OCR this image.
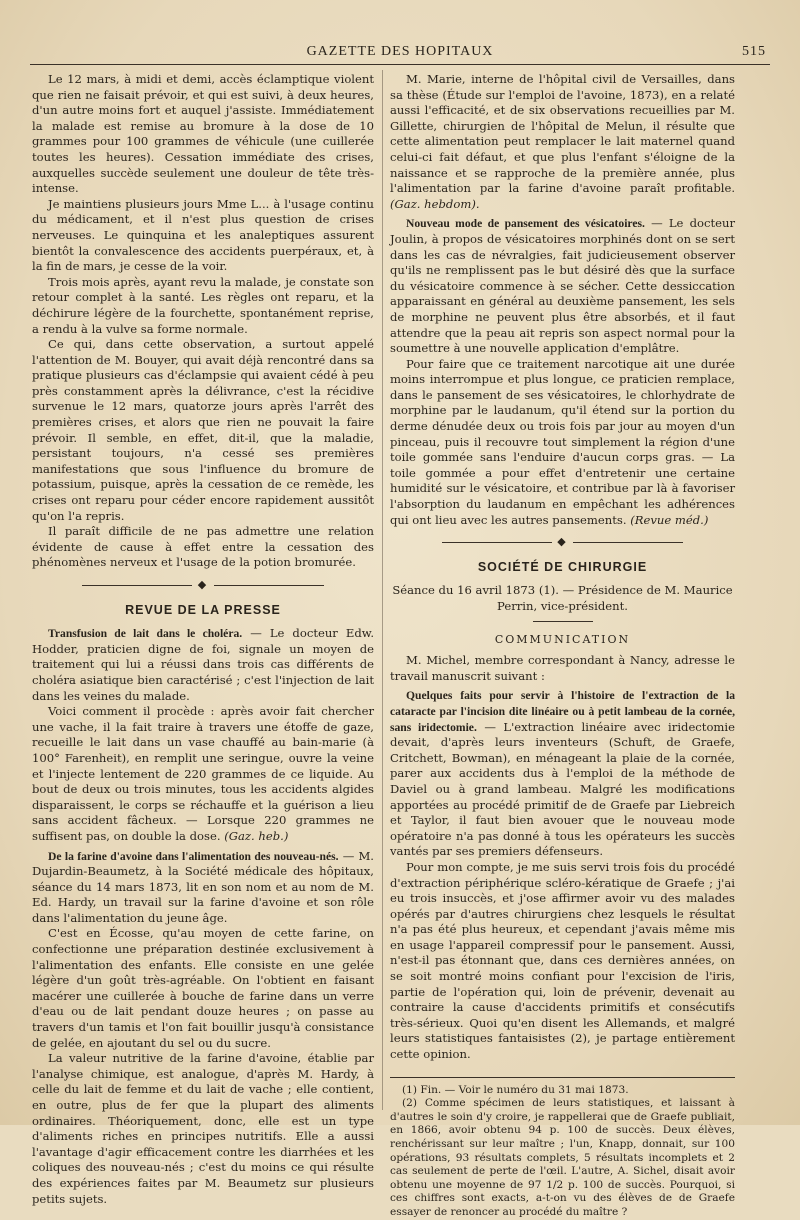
GAZETTE DES HOPITAUX	515

Le 12 mars, à midi et demi, accès éclamptique violent que rien ne faisait prévoir, et qui est suivi, à deux heures, d'un autre moins fort et auquel j'assiste. Immédiatement la malade est remise au bromure à la dose de 10 grammes pour 100 grammes de véhicule (une cuillerée toutes les heures). Cessation immédiate des crises, auxquelles succède seulement une douleur de tête très-intense.

Je maintiens plusieurs jours Mme L... à l'usage continu du médicament, et il n'est plus question de crises nerveuses. Le quinquina et les analeptiques assurent bientôt la convalescence des accidents puerpéraux, et, à la fin de mars, je cesse de la voir.

Trois mois après, ayant revu la malade, je constate son retour complet à la santé. Les règles ont reparu, et la déchirure légère de la fourchette, spontanément reprise, a rendu à la vulve sa forme normale.

Ce qui, dans cette observation, a surtout appelé l'attention de M. Bouyer, qui avait déjà rencontré dans sa pratique plusieurs cas d'éclampsie qui avaient cédé à peu près constamment après la délivrance, c'est la récidive survenue le 12 mars, quatorze jours après l'arrêt des premières crises, et alors que rien ne pouvait la faire prévoir. Il semble, en effet, dit-il, que la maladie, persistant toujours, n'a cessé ses premières manifestations que sous l'influence du bromure de potassium, puisque, après la cessation de ce remède, les crises ont reparu pour céder encore rapidement aussitôt qu'on l'a repris.

Il paraît difficile de ne pas admettre une relation évidente de cause à effet entre la cessation des phénomènes nerveux et l'usage de la potion bromurée.

◆
REVUE DE LA PRESSE

Transfusion de lait dans le choléra. — Le docteur Edw. Hodder, praticien digne de foi, signale un moyen de traitement qui lui a réussi dans trois cas différents de choléra asiatique bien caractérisé ; c'est l'injection de lait dans les veines du malade.

Voici comment il procède : après avoir fait chercher une vache, il la fait traire à travers une étoffe de gaze, recueille le lait dans un vase chauffé au bain-marie (à 100° Farenheit), en remplit une seringue, ouvre la veine et l'injecte lentement de 220 grammes de ce liquide. Au bout de deux ou trois minutes, tous les accidents algides disparaissent, le corps se réchauffe et la guérison a lieu sans accident fâcheux. — Lorsque 220 grammes ne suffisent pas, on double la dose. (Gaz. heb.)

De la farine d'avoine dans l'alimentation des nouveau-nés. — M. Dujardin-Beaumetz, à la Société médicale des hôpitaux, séance du 14 mars 1873, lit en son nom et au nom de M. Ed. Hardy, un travail sur la farine d'avoine et son rôle dans l'alimentation du jeune âge.

C'est en Écosse, qu'au moyen de cette farine, on confectionne une préparation destinée exclusivement à l'alimentation des enfants. Elle consiste en une gelée légère d'un goût très-agréable. On l'obtient en faisant macérer une cuillerée à bouche de farine dans un verre d'eau ou de lait pendant douze heures ; on passe au travers d'un tamis et l'on fait bouillir jusqu'à consistance de gelée, en ajoutant du sel ou du sucre.

La valeur nutritive de la farine d'avoine, établie par l'analyse chimique, est analogue, d'après M. Hardy, à celle du lait de femme et du lait de vache ; elle contient, en outre, plus de fer que la plupart des aliments ordinaires. Théoriquement, donc, elle est un type d'aliments riches en principes nutritifs. Elle a aussi l'avantage d'agir efficacement contre les diarrhées et les coliques des nouveau-nés ; c'est du moins ce qui résulte des expériences faites par M. Beaumetz sur plusieurs petits sujets.

M. Marie, interne de l'hôpital civil de Versailles, dans sa thèse (Étude sur l'emploi de l'avoine, 1873), en a relaté aussi l'efficacité, et de six observations recueillies par M. Gillette, chirurgien de l'hôpital de Melun, il résulte que cette alimentation peut remplacer le lait maternel quand celui-ci fait défaut, et que plus l'enfant s'éloigne de la naissance et se rapproche de la première année, plus l'alimentation par la farine d'avoine paraît profitable. (Gaz. hebdom).

Nouveau mode de pansement des vésicatoires. — Le docteur Joulin, à propos de vésicatoires morphinés dont on se sert dans les cas de névralgies, fait judicieusement observer qu'ils ne remplissent pas le but désiré dès que la surface du vésicatoire commence à se sécher. Cette dessiccation apparaissant en général au deuxième pansement, les sels de morphine ne peuvent plus être absorbés, et il faut attendre que la peau ait repris son aspect normal pour la soumettre à une nouvelle application d'emplâtre.

Pour faire que ce traitement narcotique ait une durée moins interrompue et plus longue, ce praticien remplace, dans le pansement de ses vésicatoires, le chlorhydrate de morphine par le laudanum, qu'il étend sur la portion du derme dénudée deux ou trois fois par jour au moyen d'un pinceau, puis il recouvre tout simplement la région d'une toile gommée sans l'enduire d'aucun corps gras. — La toile gommée a pour effet d'entretenir une certaine humidité sur le vésicatoire, et contribue par là à favoriser l'absorption du laudanum en empêchant les adhérences qui ont lieu avec les autres pansements. (Revue méd.)

◆
SOCIÉTÉ DE CHIRURGIE

Séance du 16 avril 1873 (1). — Présidence de M. Maurice Perrin, vice-président.

COMMUNICATION

M. Michel, membre correspondant à Nancy, adresse le travail manuscrit suivant :

Quelques faits pour servir à l'histoire de l'extraction de la cataracte par l'incision dite linéaire ou à petit lambeau de la cornée, sans iridectomie. — L'extraction linéaire avec iridectomie devait, d'après leurs inventeurs (Schuft, de Graefe, Critchett, Bowman), en ménageant la plaie de la cornée, parer aux accidents dus à l'emploi de la méthode de Daviel ou à grand lambeau. Malgré les modifications apportées au procédé primitif de de Graefe par Liebreich et Taylor, il faut bien avouer que le nouveau mode opératoire n'a pas donné à tous les opérateurs les succès vantés par ses premiers défenseurs.

Pour mon compte, je me suis servi trois fois du procédé d'extraction périphérique scléro-kératique de Graefe ; j'ai eu trois insuccès, et j'ose affirmer avoir vu des malades opérés par d'autres chirurgiens chez lesquels le résultat n'a pas été plus heureux, et cependant j'avais même mis en usage l'appareil compressif pour le pansement. Aussi, n'est-il pas étonnant que, dans ces dernières années, on se soit montré moins confiant pour l'excision de l'iris, partie de l'opération qui, loin de prévenir, devenait au contraire la cause d'accidents primitifs et consécutifs très-sérieux. Quoi qu'en disent les Allemands, et malgré leurs statistiques fantaisistes (2), je partage entièrement cette opinion.

(1) Fin. — Voir le numéro du 31 mai 1873.

(2) Comme spécimen de leurs statistiques, et laissant à d'autres le soin d'y croire, je rappellerai que de Graefe publiait, en 1866, avoir obtenu 94 p. 100 de succès. Deux élèves, renchérissant sur leur maître ; l'un, Knapp, donnait, sur 100 opérations, 93 résultats complets, 5 résultats incomplets et 2 cas seulement de perte de l'œil. L'autre, A. Sichel, disait avoir obtenu une moyenne de 97 1/2 p. 100 de succès. Pourquoi, si ces chiffres sont exacts, a-t-on vu des élèves de de Graefe essayer de renoncer au procédé du maître ?
